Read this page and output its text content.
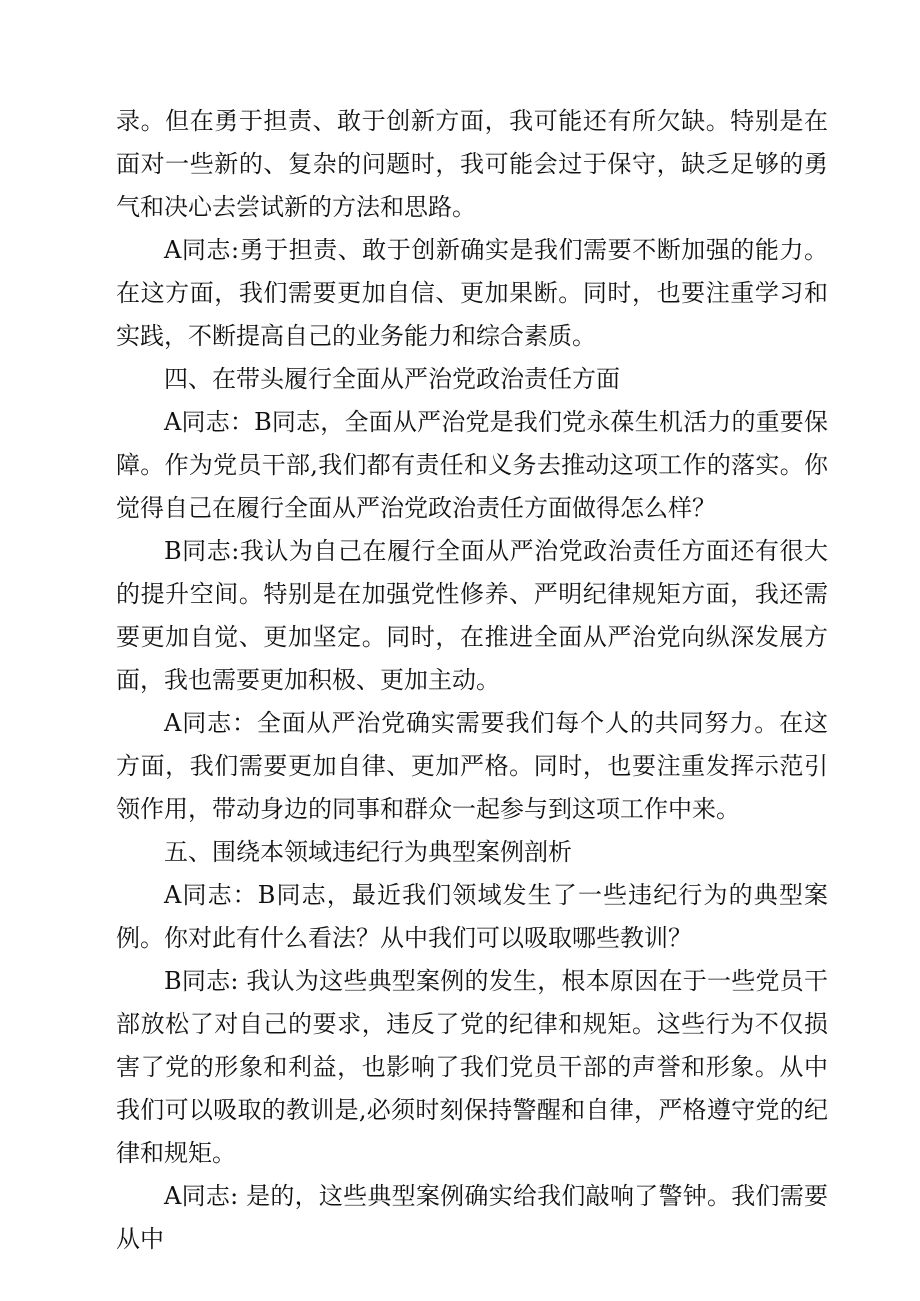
录。但在勇于担责、敢于创新方面，我可能还有所欠缺。特别是在面对一些新的、复杂的问题时，我可能会过于保守，缺乏足够的勇气和决心去尝试新的方法和思路。

A同志:勇于担责、敢于创新确实是我们需要不断加强的能力。在这方面，我们需要更加自信、更加果断。同时，也要注重学习和实践，不断提高自己的业务能力和综合素质。

四、在带头履行全面从严治党政治责任方面

A同志：B同志，全面从严治党是我们党永葆生机活力的重要保障。作为党员干部,我们都有责任和义务去推动这项工作的落实。你觉得自己在履行全面从严治党政治责任方面做得怎么样？

B同志:我认为自己在履行全面从严治党政治责任方面还有很大的提升空间。特别是在加强党性修养、严明纪律规矩方面，我还需要更加自觉、更加坚定。同时，在推进全面从严治党向纵深发展方面，我也需要更加积极、更加主动。

A同志：全面从严治党确实需要我们每个人的共同努力。在这方面，我们需要更加自律、更加严格。同时，也要注重发挥示范引领作用，带动身边的同事和群众一起参与到这项工作中来。

五、围绕本领域违纪行为典型案例剖析

A同志：B同志，最近我们领域发生了一些违纪行为的典型案例。你对此有什么看法？从中我们可以吸取哪些教训？

B同志: 我认为这些典型案例的发生，根本原因在于一些党员干部放松了对自己的要求，违反了党的纪律和规矩。这些行为不仅损害了党的形象和利益，也影响了我们党员干部的声誉和形象。从中我们可以吸取的教训是,必须时刻保持警醒和自律，严格遵守党的纪律和规矩。

A同志: 是的，这些典型案例确实给我们敲响了警钟。我们需要从中
